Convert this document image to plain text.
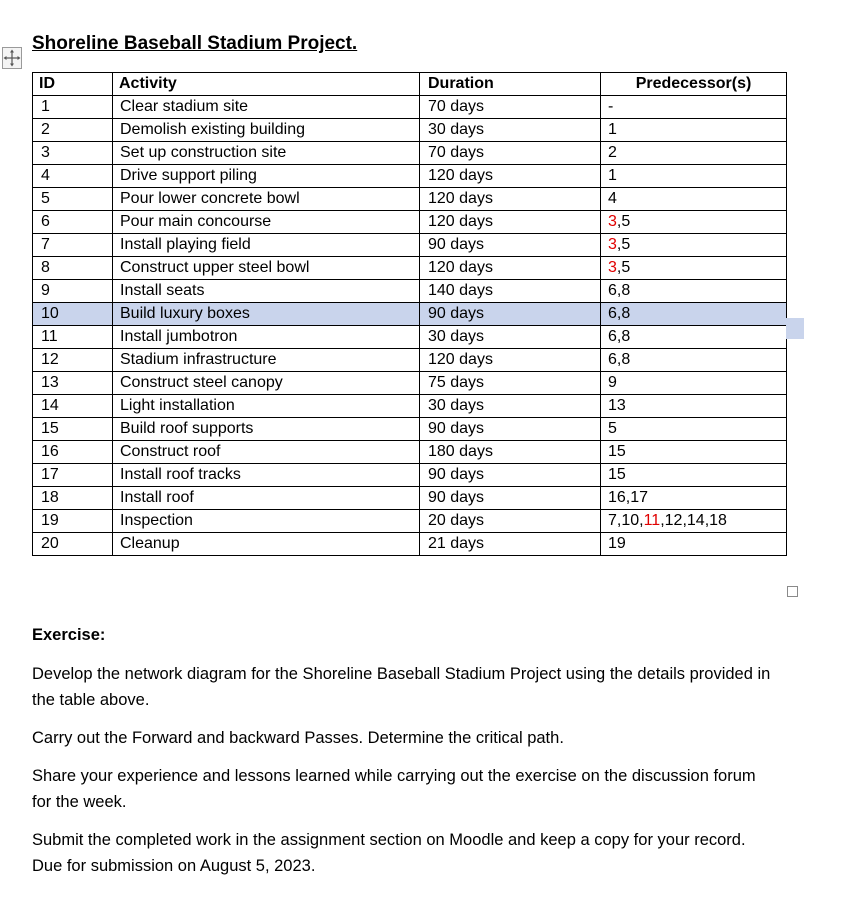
Shoreline Baseball Stadium Project.
ID	Activity	Duration	Predecessor(s)
1	Clear stadium site	70 days	-
2	Demolish existing building	30 days	1
3	Set up construction site	70 days	2
4	Drive support piling	120 days	1
5	Pour lower concrete bowl	120 days	4
6	Pour main concourse	120 days	3,5
7	Install playing field	90 days	3,5
8	Construct upper steel bowl	120 days	3,5
9	Install seats	140 days	6,8
10	Build luxury boxes	90 days	6,8
11	Install jumbotron	30 days	6,8
12	Stadium infrastructure	120 days	6,8
13	Construct steel canopy	75 days	9
14	Light installation	30 days	13
15	Build roof supports	90 days	5
16	Construct roof	180 days	15
17	Install roof tracks	90 days	15
18	Install roof	90 days	16,17
19	Inspection	20 days	7,10,11,12,14,18
20	Cleanup	21 days	19
Exercise:
Develop the network diagram for the Shoreline Baseball Stadium Project using the details provided in the table above.
Carry out the Forward and backward Passes. Determine the critical path.
Share your experience and lessons learned while carrying out the exercise on the discussion forum for the week.
Submit the completed work in the assignment section on Moodle and keep a copy for your record. Due for submission on August 5, 2023.
